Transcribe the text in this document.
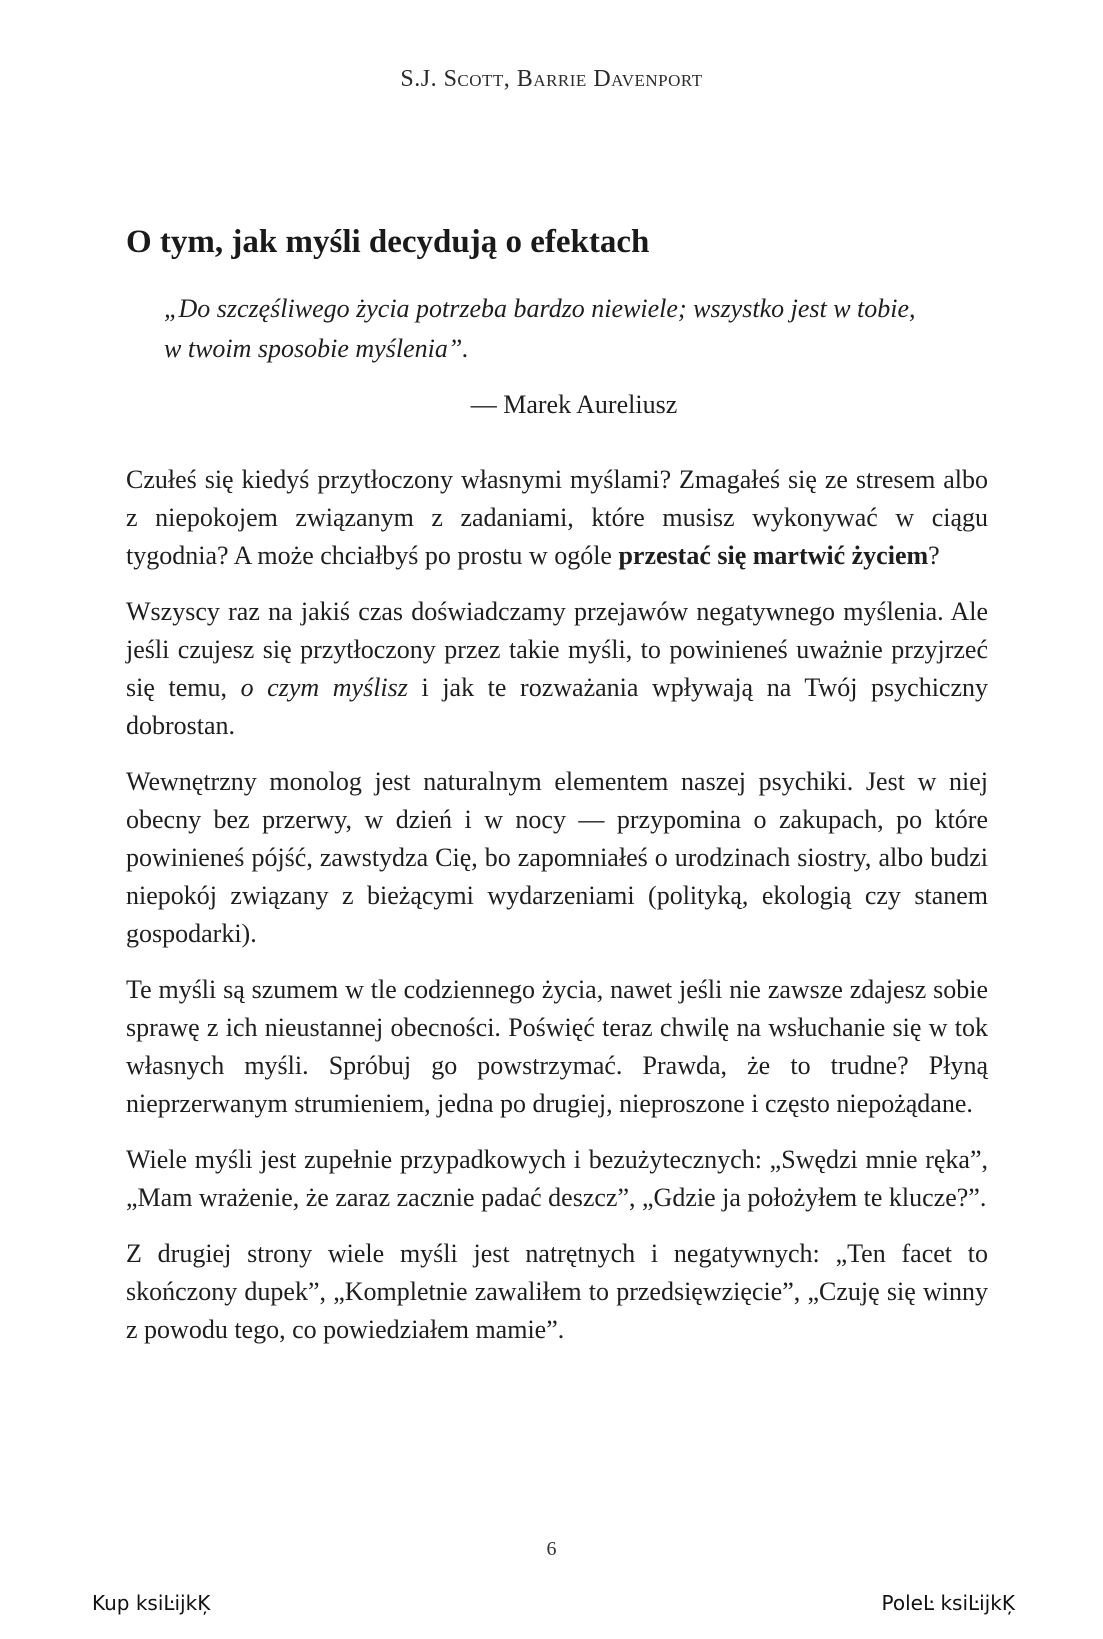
S.J. Scott, Barrie Davenport
O tym, jak myśli decydują o efektach

„Do szczęśliwego życia potrzeba bardzo niewiele; wszystko jest w tobie,
w twoim sposobie myślenia”.

— Marek Aureliusz

Czułeś się kiedyś przytłoczony własnymi myślami? Zmagałeś się ze stresem albo z niepokojem związanym z zadaniami, które musisz wykonywać w ciągu tygodnia? A może chciałbyś po prostu w ogóle przestać się martwić życiem?

Wszyscy raz na jakiś czas doświadczamy przejawów negatywnego myślenia. Ale jeśli czujesz się przytłoczony przez takie myśli, to powinieneś uważnie przyjrzeć się temu, o czym myślisz i jak te rozważania wpływają na Twój psychiczny dobrostan.

Wewnętrzny monolog jest naturalnym elementem naszej psychiki. Jest w niej obecny bez przerwy, w dzień i w nocy — przypomina o zakupach, po które powinieneś pójść, zawstydza Cię, bo zapomniałeś o urodzinach siostry, albo budzi niepokój związany z bieżącymi wydarzeniami (polityką, ekologią czy stanem gospodarki).

Te myśli są szumem w tle codziennego życia, nawet jeśli nie zawsze zdajesz sobie sprawę z ich nieustannej obecności. Poświęć teraz chwilę na wsłuchanie się w tok własnych myśli. Spróbuj go powstrzymać. Prawda, że to trudne? Płyną nieprzerwanym strumieniem, jedna po drugiej, nieproszone i często niepożądane.

Wiele myśli jest zupełnie przypadkowych i bezużytecznych: „Swędzi mnie ręka”, „Mam wrażenie, że zaraz zacznie padać deszcz”, „Gdzie ja położyłem te klucze?”.

Z drugiej strony wiele myśli jest natrętnych i negatywnych: „Ten facet to skończony dupek”, „Kompletnie zawaliłem to przedsięwzięcie”, „Czuję się winny z powodu tego, co powiedziałem mamie”.

6
Kup ksiĿĳkĶ	PoleĿ ksiĿĳkĶ
